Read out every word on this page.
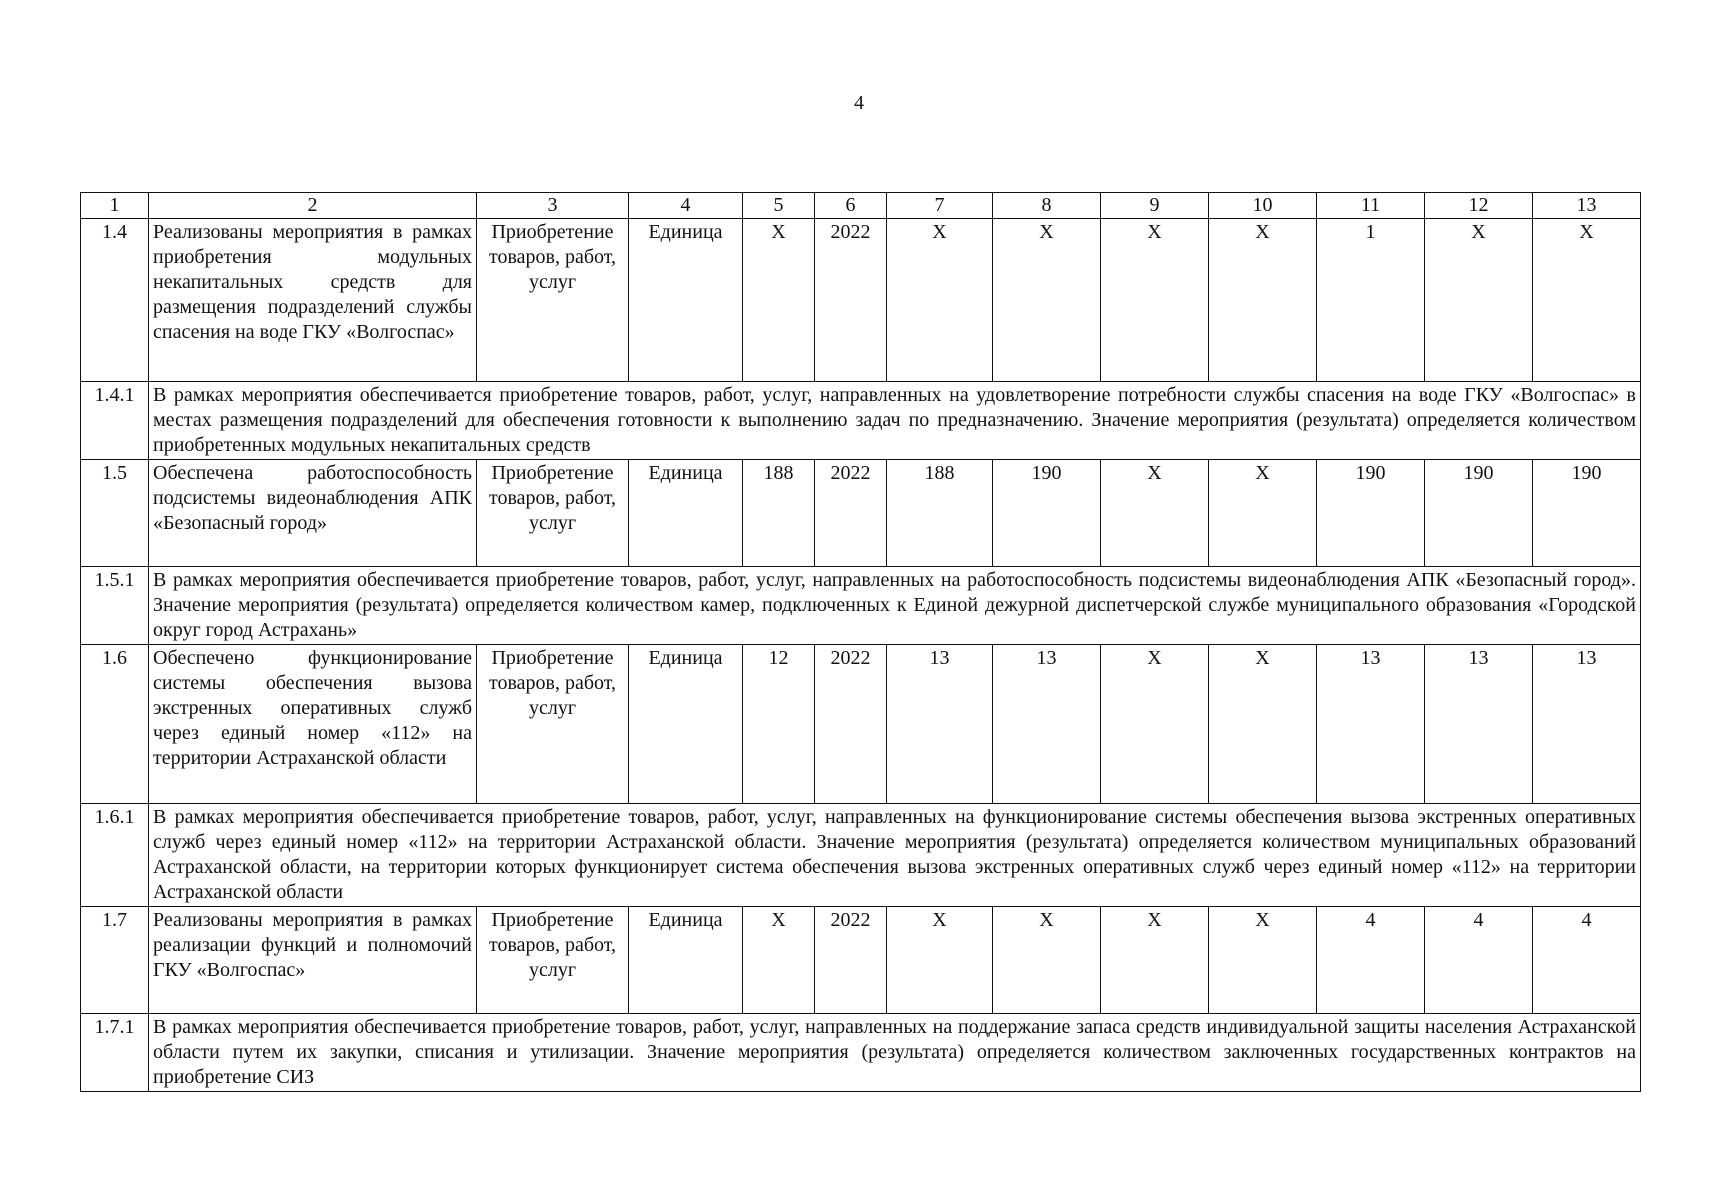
4
1	2	3	4	5	6	7	8	9	10	11	12	13
1.4	Реализованы мероприятия в рамках приобретения модульных некапитальных средств для размещения подразделений службы спасения на воде ГКУ «Волгоспас»	Приобретение товаров, работ, услуг	Единица	X	2022	X	X	X	X	1	X	X
1.4.1	В рамках мероприятия обеспечивается приобретение товаров, работ, услуг, направленных на удовлетворение потребности службы спасения на воде ГКУ «Волгоспас» в местах размещения подразделений для обеспечения готовности к выполнению задач по предназначению. Значение мероприятия (результата) определяется количеством приобретенных модульных некапитальных средств											
1.5	Обеспечена работоспособность подсистемы видеонаблюдения АПК «Безопасный город»	Приобретение товаров, работ, услуг	Единица	188	2022	188	190	X	X	190	190	190
1.5.1	В рамках мероприятия обеспечивается приобретение товаров, работ, услуг, направленных на работоспособность подсистемы видеонаблюдения АПК «Безопасный город». Значение мероприятия (результата) определяется количеством камер, подключенных к Единой дежурной диспетчерской службе муниципального образования «Городской округ город Астрахань»											
1.6	Обеспечено функционирование системы обеспечения вызова экстренных оперативных служб через единый номер «112» на территории Астраханской области	Приобретение товаров, работ, услуг	Единица	12	2022	13	13	X	X	13	13	13
1.6.1	В рамках мероприятия обеспечивается приобретение товаров, работ, услуг, направленных на функционирование системы обеспечения вызова экстренных оперативных служб через единый номер «112» на территории Астраханской области. Значение мероприятия (результата) определяется количеством муниципальных образований Астраханской области, на территории которых функционирует система обеспечения вызова экстренных оперативных служб через единый номер «112» на территории Астраханской области											
1.7	Реализованы мероприятия в рамках реализации функций и полномочий ГКУ «Волгоспас»	Приобретение товаров, работ, услуг	Единица	X	2022	X	X	X	X	4	4	4
1.7.1	В рамках мероприятия обеспечивается приобретение товаров, работ, услуг, направленных на поддержание запаса средств индивидуальной защиты населения Астраханской области путем их закупки, списания и утилизации. Значение мероприятия (результата) определяется количеством заключенных государственных контрактов на приобретение СИЗ											
